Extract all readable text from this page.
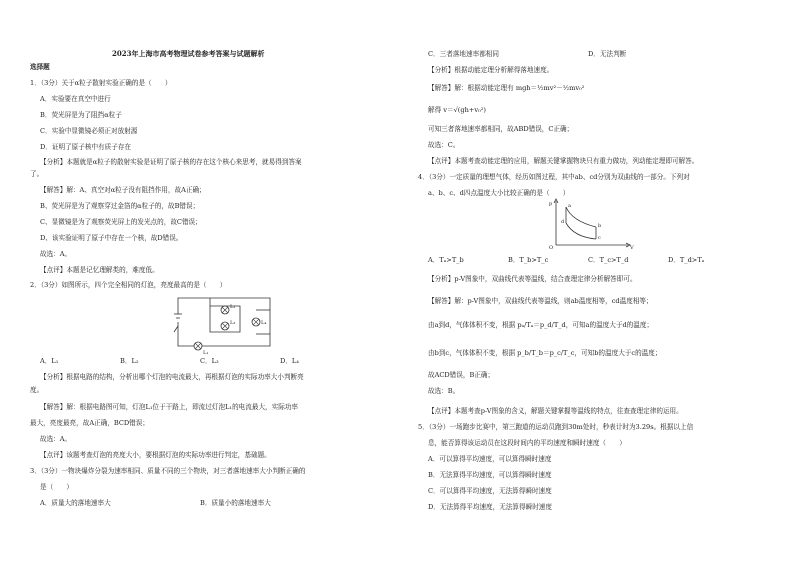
2023年上海市高考物理试卷参考答案与试题解析
选择题
1．（3分）关于α粒子散射实验正确的是（　　）
A．实验要在真空中进行
B．荧光屏是为了阻挡α粒子
C．实验中显微镜必须正对放射源
D．证明了原子核中有质子存在
【分析】本题就是α粒子的散射实验是证明了原子核的存在这个核心来思考，就易得到答案
了。
【解答】解：A、真空对α粒子没有阻挡作用，故A正确；
B、荧光屏是为了观察穿过金箔的α粒子的，故B错误；
C、显微镜是为了观察荧光屏上的发光点的，故C错误；
D、该实验证明了原子中存在一个核，故D错误。
故选：A。
【点评】本题是记忆理解类的，难度低。
2．（3分）如图所示，四个完全相同的灯泡，亮度最高的是（　　）
L₂
L₃	L₄
L₁
A．L₁	B．L₂	C．L₃	D．L₄
【分析】根据电路的结构，分析出哪个灯泡的电流最大，再根据灯泡的实际功率大小判断亮
度。
【解答】解：根据电路图可知，灯泡L₁位于干路上，即流过灯泡L₁的电流最大，实际功率
最大，亮度最亮，故A正确，BCD错误；
故选：A。
【点评】该题考查灯泡的亮度大小，要根据灯泡的实际功率进行判定，基础题。
3．（3分）一物块爆炸分裂为速率相同、质量不同的三个物块，对三者落地速率大小判断正确的
是（　　）
A．质量大的落地速率大	B．质量小的落地速率大
C．三者落地速率都相同	D．无法判断
【分析】根据动能定理分析解得落地速度。
【解答】解：根据动能定理有 mgh＝½mv²－½mv₀²
解得 v＝√(gh+v₀²)
可知三者落地速率都相同，故ABD错误，C正确；
故选：C。
【点评】本题考查动能定理的应用，解题关键掌握物块只有重力做功，列动能定理即可解答。
4．（3分）一定质量的理想气体，经历如图过程，其中ab、cd分别为双曲线的一部分。下列对
a、b、c、d四点温度大小比较正确的是（　　）
p
V
O
a
b
c
d
A．Tₐ>T_b	B．T_b>T_c	C．T_c>T_d	D．T_d>Tₐ
【分析】p-V图象中，双曲线代表等温线，结合查理定律分析解答即可。
【解答】解：p-V图象中，双曲线代表等温线，则ab温度相等，cd温度相等；
由a到d，气体体积不变，根据 pₐ/Tₐ＝p_d/T_d，可知a的温度大于d的温度；
由b到c，气体体积不变，根据 p_b/T_b＝p_c/T_c，可知b的温度大于c的温度；
故ACD错误，B正确；
故选：B。
【点评】本题考查p-V图象的含义，解题关键掌握等温线的特点，往查查理定律的运用。
5．（3分）一场跑步比赛中，第三跑道的运动员跑到30m处时，秒表计时为3.29s。根据以上信
息，能否算得该运动员在这段时间内的平均速度和瞬时速度（　　）
A．可以算得平均速度，可以算得瞬时速度
B．无法算得平均速度，可以算得瞬时速度
C．可以算得平均速度，无法算得瞬时速度
D．无法算得平均速度，无法算得瞬时速度
